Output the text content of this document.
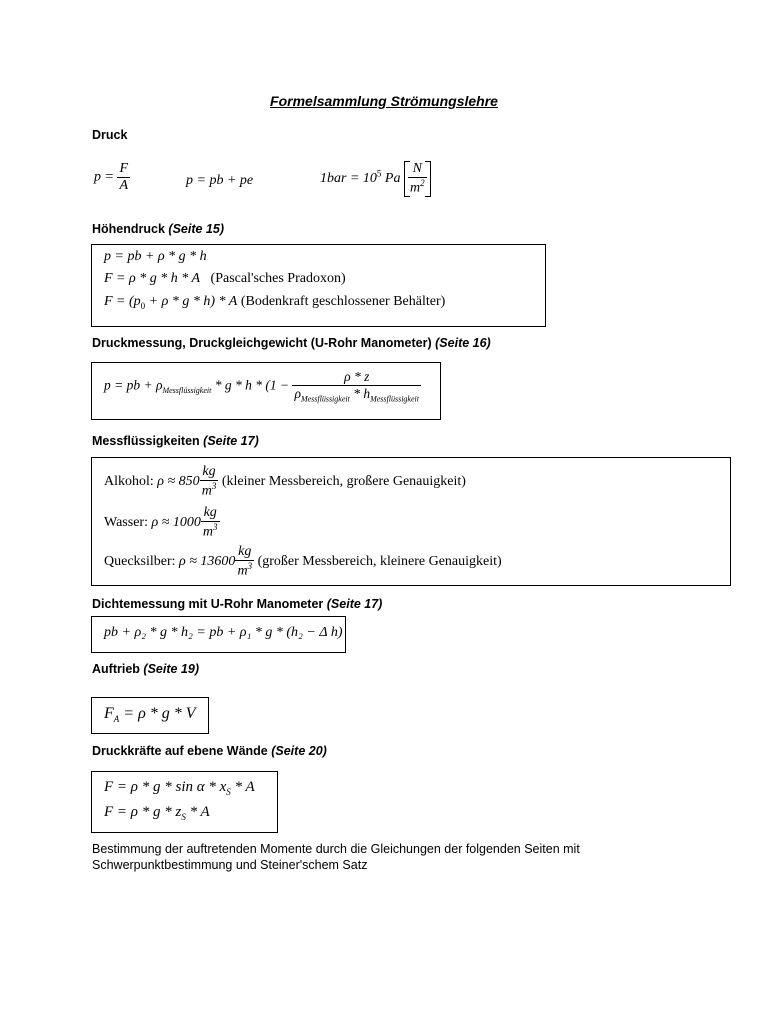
Formelsammlung Strömungslehre
Druck
$p = \frac{F}{A}$	p = pb + pe	$1bar = 10^5$ Pa $\frac{N}{m^2}$
Höhendruck (Seite 15)
p = pb + ρ * g * h
F = ρ * g * h * A (Pascal'sches Pradoxon)
$F = (p_0 + \rho * g * h) * A$ (Bodenkraft geschlossener Behälter)
Druckmessung, Druckgleichgewicht (U-Rohr Manometer) (Seite 16)
p = pb + $\rho_{Messflüssigkeit} * g * h * (1 - \frac{\rho * z}{\rho_{Messflüssigkeit} * h_{Messflüssigkeit}}$
Messflüssigkeiten (Seite 17)
Alkohol: $\rho \approx 850 \frac{kg}{m^3}$ (kleiner Messbereich, großere Genauigkeit)
Wasser: $\rho \approx 1000 \frac{kg}{m^3}$
Quecksilber: $\rho \approx 13600 \frac{kg}{m^3}$ (großer Messbereich, kleinere Genauigkeit)
Dichtemessung mit U-Rohr Manometer (Seite 17)
pb + ρ₂ * g * h₂ = pb + ρ₁ * g * (h₂ − Δ h)
Auftrieb (Seite 19)
$F_A = \rho * g * V$
Druckkräfte auf ebene Wände (Seite 20)
$F = \rho * g * \sin \alpha * x_S * A$
$F = \rho * g * z_S * A$
Bestimmung der auftretenden Momente durch die Gleichungen der folgenden Seiten mit
Schwerpunktbestimmung und Steiner'schem Satz
